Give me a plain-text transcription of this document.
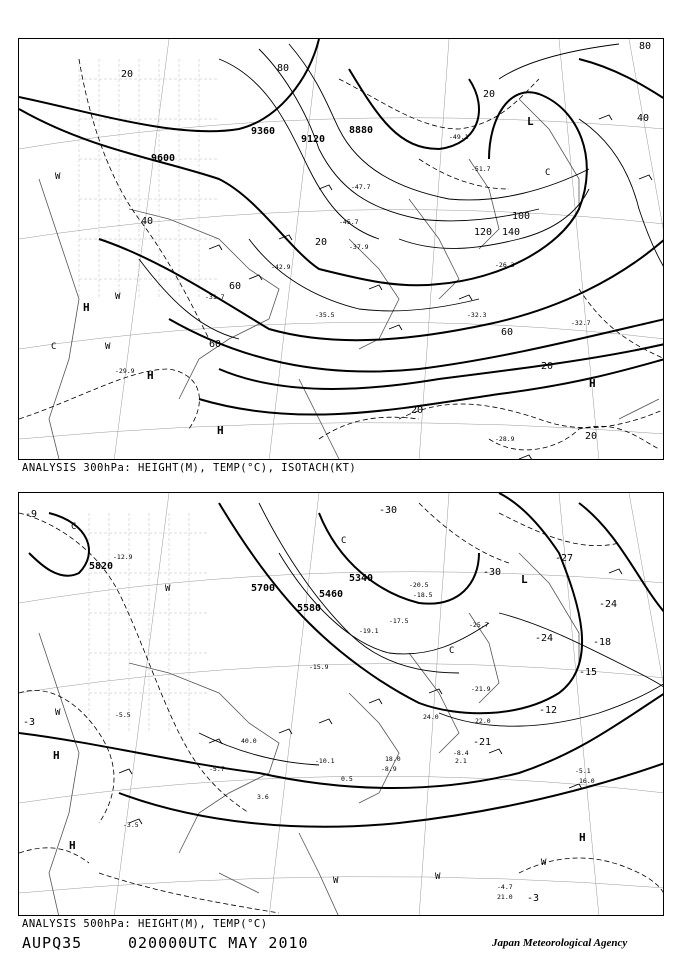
9600
9360
9120
8880
20
40
60
80
100
120 140
20
40
80
60
20
20
20
20
60
-29.9
-31.7
-35.5
-37.9
-42.9
-45.7
-47.7
-49.1
-51.7
-32.3
-32.7
-26.3
-28.9
H
H
H
H
L
W
W
W
C
C
ANALYSIS 300hPa: HEIGHT(M), TEMP(°C), ISOTACH(KT)
5820
5700
5580
5460
5340
-9
-3
-12
-15
-18
-21
-24
-27
-30
-3
-24
-30
-12.9
-17.5
-20.5
-15.9
-10.1
-8.9
-8.4
-5.1
-5.7
-4.7
-3.5
-5.5
-25.7
-21.9
-18.5
-19.1
24.0
40.0
16.0
21.0
2.1
3.6
0.5
18.0
22.0
H
H
H
L
W
W	W
W
W
C
C
C
ANALYSIS 500hPa: HEIGHT(M), TEMP(°C)
AUPQ35	020000UTC MAY 2010	Japan Meteorological Agency
